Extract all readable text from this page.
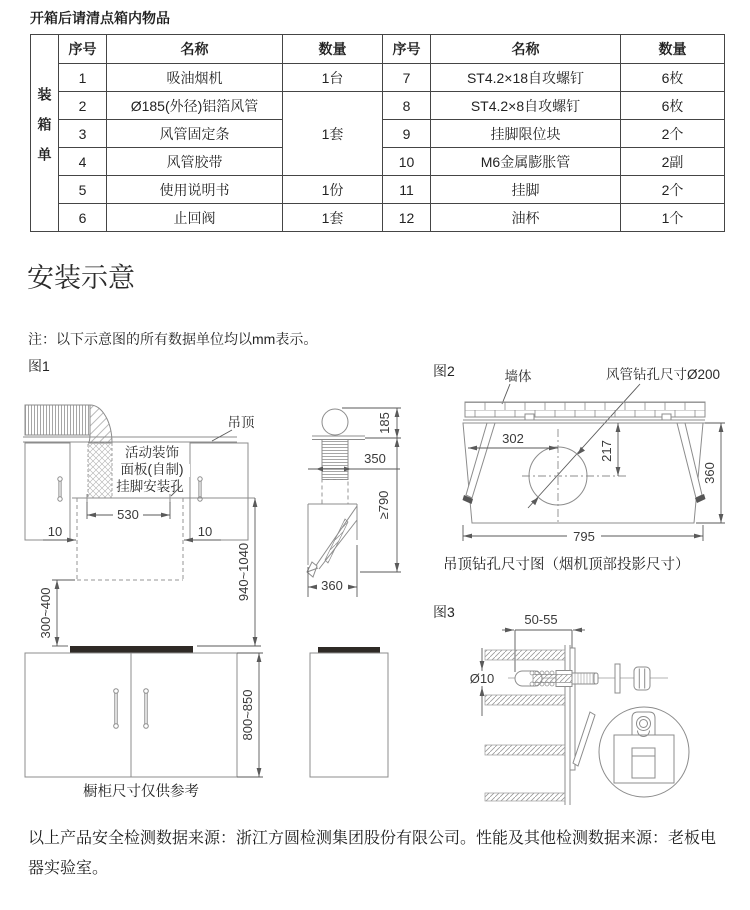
开箱后请清点箱内物品
装箱单	序号	名称	数量	序号	名称	数量
	1	吸油烟机	1台	7	ST4.2×18自攻螺钉	6枚
	2	Ø185(外径)铝箔风管	1套	8	ST4.2×8自攻螺钉	6枚
	3	风管固定条		9	挂脚限位块	2个
	4	风管胶带		10	M6金属膨胀管	2副
	5	使用说明书	1份	11	挂脚	2个
	6	止回阀	1套	12	油杯	1个
安装示意
注：以下示意图的所有数据单位均以mm表示。
图1	图2
图3
吊顶
活动装饰
面板(自制)
挂脚安装孔
530
10	10
940~1040
300~400
800~850
橱柜尺寸仅供参考
185
350
≥790
360
墙体	风管钻孔尺寸Ø200
302
217
360
795
吊顶钻孔尺寸图（烟机顶部投影尺寸）
50-55
Ø10
以上产品安全检测数据来源：浙江方圆检测集团股份有限公司。性能及其他检测数据来源：老板电器实验室。
